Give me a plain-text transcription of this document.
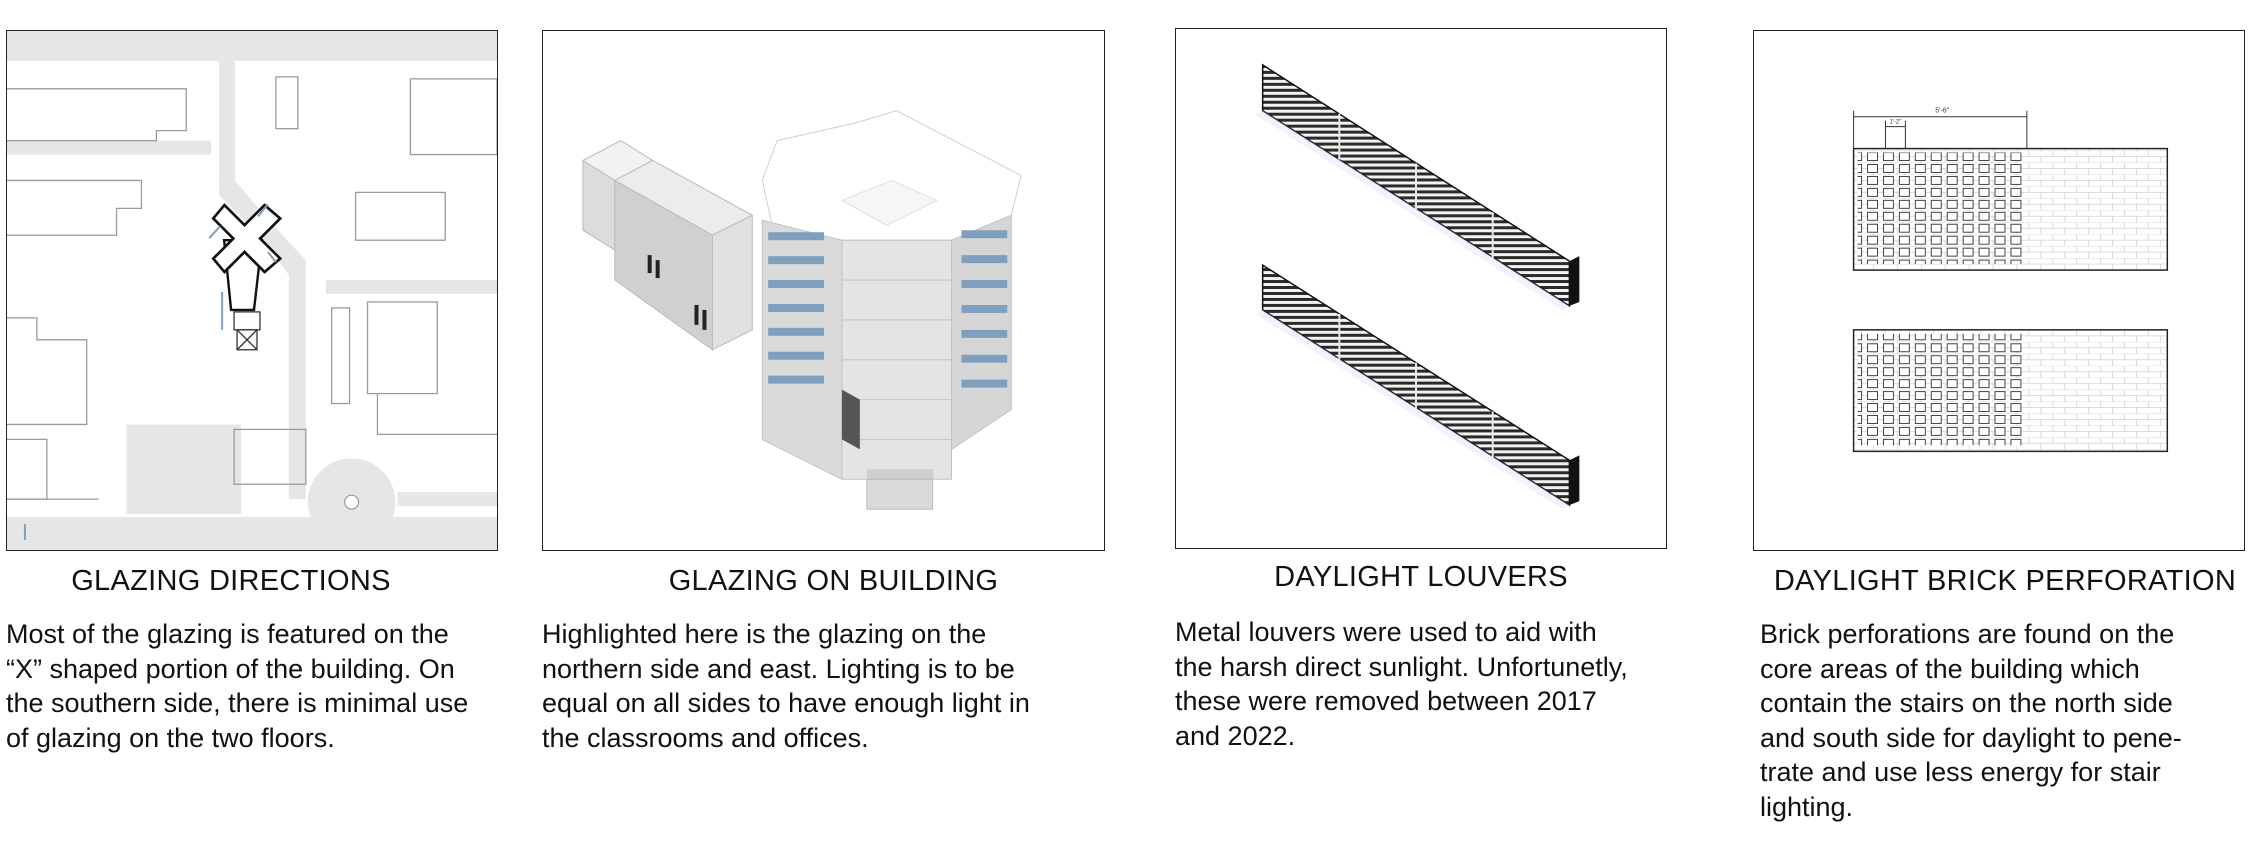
GLAZING DIRECTIONS
Most of the glazing is featured on the
“X” shaped portion of the building. On
the southern side, there is minimal use
of glazing on the two floors.
GLAZING ON BUILDING
Highlighted here is the glazing on the
northern side and east. Lighting is to be
equal on all sides to have enough light in
the classrooms and offices.
DAYLIGHT LOUVERS
Metal louvers were used to aid with
the harsh direct sunlight. Unfortunetly,
these were removed between 2017
and 2022.
5'-6"
1'-2"
DAYLIGHT BRICK PERFORATION
Brick perforations are found on the
core areas of the building which
contain the stairs on the north side
and south side for daylight to pene-
trate and use less energy for stair
lighting.
